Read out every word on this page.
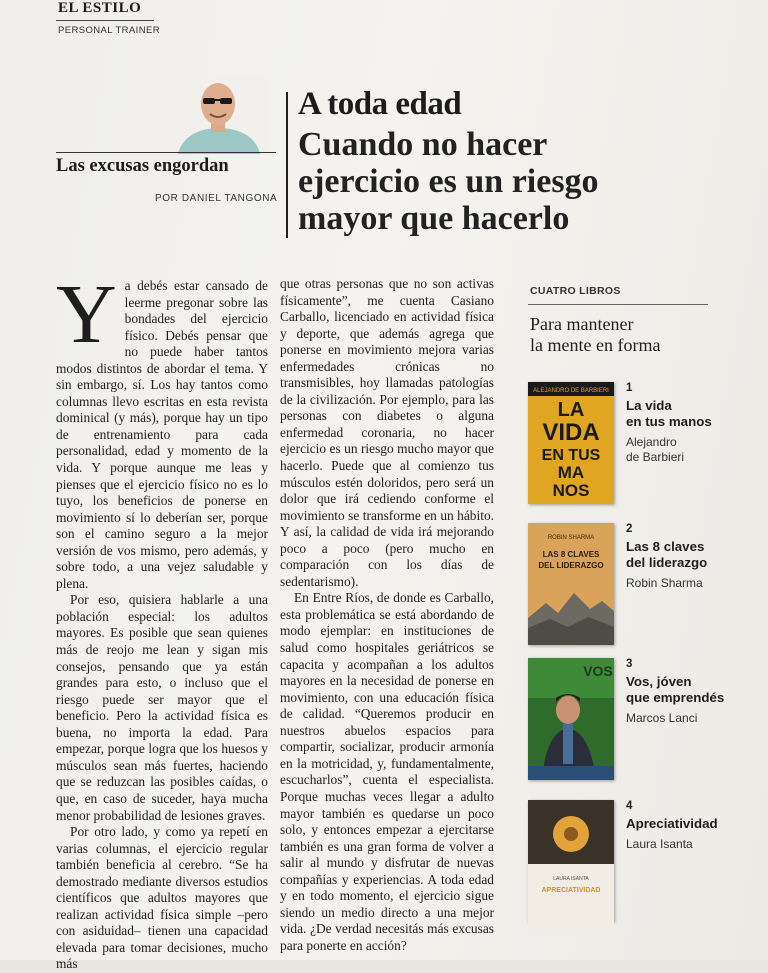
EL ESTILO
PERSONAL TRAINER
Las excusas engordan
POR DANIEL TANGONA
A toda edad
Cuando no hacer
ejercicio es un riesgo
mayor que hacerlo

Ya debés estar cansado de leerme pregonar sobre las bondades del ejercicio físico. Debés pensar que no puede haber tantos modos distintos de abordar el tema. Y sin embargo, sí. Los hay tantos como columnas llevo escritas en esta revista dominical (y más), porque hay un tipo de entrenamiento para cada personalidad, edad y momento de la vida. Y porque aunque me leas y pienses que el ejercicio físico no es lo tuyo, los beneficios de ponerse en movimiento sí lo deberían ser, porque son el camino seguro a la mejor versión de vos mismo, pero además, y sobre todo, a una vejez saludable y plena.

Por eso, quisiera hablarle a una población especial: los adultos mayores. Es posible que sean quienes más de reojo me lean y sigan mis consejos, pensando que ya están grandes para esto, o incluso que el riesgo puede ser mayor que el beneficio. Pero la actividad física es buena, no importa la edad. Para empezar, porque logra que los huesos y músculos sean más fuertes, haciendo que se reduzcan las posibles caídas, o que, en caso de suceder, haya mucha menor probabilidad de lesiones graves.

Por otro lado, y como ya repetí en varias columnas, el ejercicio regular también beneficia al cerebro. “Se ha demostrado mediante diversos estudios científicos que adultos mayores que realizan actividad física simple –pero con asiduidad– tienen una capacidad elevada para tomar decisiones, mucho más

que otras personas que no son activas físicamente”, me cuenta Casiano Carballo, licenciado en actividad física y deporte, que además agrega que ponerse en movimiento mejora varias enfermedades crónicas no transmisibles, hoy llamadas patologías de la civilización. Por ejemplo, para las personas con diabetes o alguna enfermedad coronaria, no hacer ejercicio es un riesgo mucho mayor que hacerlo. Puede que al comienzo tus músculos estén doloridos, pero será un dolor que irá cediendo conforme el movimiento se transforme en un hábito. Y así, la calidad de vida irá mejorando poco a poco (pero mucho en comparación con los días de sedentarismo).

En Entre Ríos, de donde es Carballo, esta problemática se está abordando de modo ejemplar: en instituciones de salud como hospitales geriátricos se capacita y acompañan a los adultos mayores en la necesidad de ponerse en movimiento, con una educación física de calidad. “Queremos producir en nuestros abuelos espacios para compartir, socializar, producir armonía en la motricidad, y, fundamentalmente, escucharlos”, cuenta el especialista. Porque muchas veces llegar a adulto mayor también es quedarse un poco solo, y entonces empezar a ejercitarse también es una gran forma de volver a salir al mundo y disfrutar de nuevas compañías y experiencias. A toda edad y en todo momento, el ejercicio sigue siendo un medio directo a una mejor vida. ¿De verdad necesitás más excusas para ponerte en acción?

CUATRO LIBROS
Para mantener
la mente en forma
ALEJANDRO DE BARBIERI
LA
VIDA
EN TUS
MA
NOS
1
La vida
en tus manos
Alejandro
de Barbieri
ROBIN SHARMA
LAS 8 CLAVES
DEL LIDERAZGO
2
Las 8 claves
del liderazgo
Robin Sharma
VOS 3
Vos, jóven
que emprendés
Marcos Lanci
LAURA ISANTA
APRECIATIVIDAD
4
Apreciatividad
Laura Isanta
